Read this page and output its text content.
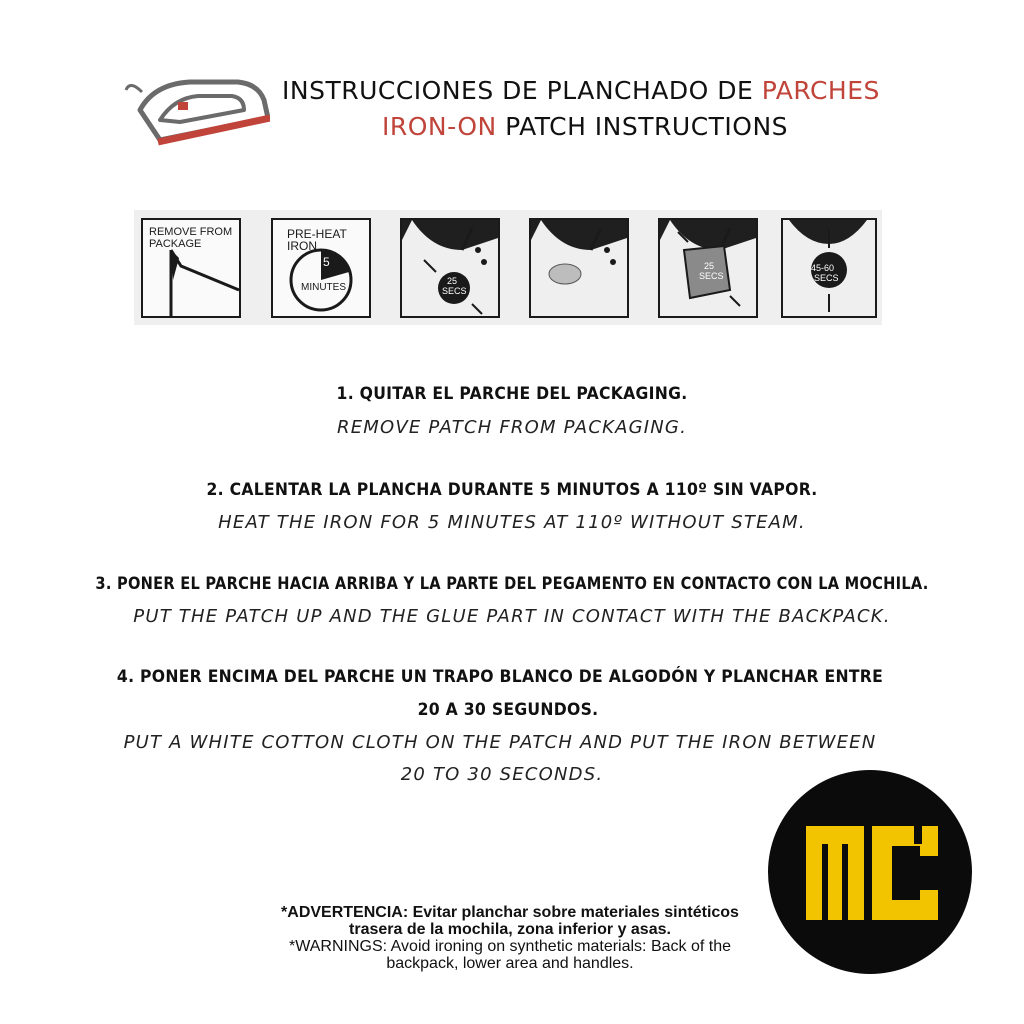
INSTRUCCIONES DE PLANCHADO DE PARCHES
IRON-ON PATCH INSTRUCTIONS
REMOVE FROM
PACKAGE
PRE-HEAT IRON
5
MINUTES
25
SECS
25
SECS
45-60
SECS
1. QUITAR EL PARCHE DEL PACKAGING.
REMOVE PATCH FROM PACKAGING.
2. CALENTAR LA PLANCHA DURANTE 5 MINUTOS A 110º SIN VAPOR.
HEAT THE IRON FOR 5 MINUTES AT 110º WITHOUT STEAM.
3. PONER EL PARCHE HACIA ARRIBA Y LA PARTE DEL PEGAMENTO EN CONTACTO CON LA MOCHILA.
PUT THE PATCH UP AND THE GLUE PART IN CONTACT WITH THE BACKPACK.
4. PONER ENCIMA DEL PARCHE UN TRAPO BLANCO DE ALGODÓN Y PLANCHAR ENTRE
20 A 30 SEGUNDOS.
PUT A WHITE COTTON CLOTH ON THE PATCH AND PUT THE IRON BETWEEN
20 TO 30 SECONDS.
*ADVERTENCIA: Evitar planchar sobre materiales sintéticos
trasera de la mochila, zona inferior y asas.
*WARNINGS: Avoid ironing on synthetic materials: Back of the
backpack, lower area and handles.
